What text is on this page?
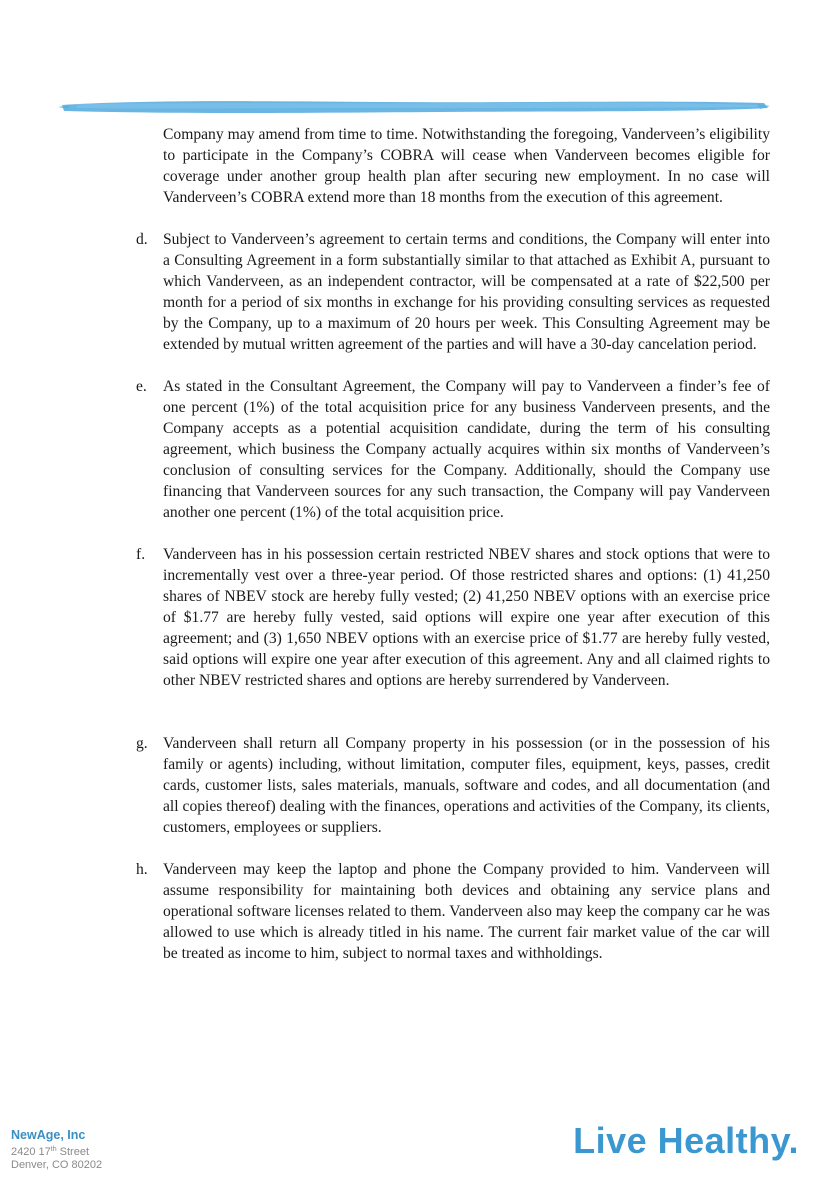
Company may amend from time to time. Notwithstanding the foregoing, Vanderveen’s eligibility to participate in the Company’s COBRA will cease when Vanderveen becomes eligible for coverage under another group health plan after securing new employment. In no case will Vanderveen’s COBRA extend more than 18 months from the execution of this agreement.
d. Subject to Vanderveen’s agreement to certain terms and conditions, the Company will enter into a Consulting Agreement in a form substantially similar to that attached as Exhibit A, pursuant to which Vanderveen, as an independent contractor, will be compensated at a rate of $22,500 per month for a period of six months in exchange for his providing consulting services as requested by the Company, up to a maximum of 20 hours per week. This Consulting Agreement may be extended by mutual written agreement of the parties and will have a 30-day cancelation period.
e.	As stated in the Consultant Agreement, the Company will pay to Vanderveen a finder’s fee of one percent (1%) of the total acquisition price for any business Vanderveen presents, and the Company accepts as a potential acquisition candidate, during the term of his consulting agreement, which business the Company actually acquires within six months of Vanderveen’s conclusion of consulting services for the Company. Additionally, should the Company use financing that Vanderveen sources for any such transaction, the Company will pay Vanderveen another one percent (1%) of the total acquisition price.
f.	Vanderveen has in his possession certain restricted NBEV shares and stock options that were to incrementally vest over a three-year period. Of those restricted shares and options: (1) 41,250 shares of NBEV stock are hereby fully vested; (2) 41,250 NBEV options with an exercise price of $1.77 are hereby fully vested, said options will expire one year after execution of this agreement; and (3) 1,650 NBEV options with an exercise price of $1.77 are hereby fully vested, said options will expire one year after execution of this agreement. Any and all claimed rights to other NBEV restricted shares and options are hereby surrendered by Vanderveen.
g. Vanderveen shall return all Company property in his possession (or in the possession of his family or agents) including, without limitation, computer files, equipment, keys, passes, credit cards, customer lists, sales materials, manuals, software and codes, and all documentation (and all copies thereof) dealing with the finances, operations and activities of the Company, its clients, customers, employees or suppliers.
h. Vanderveen may keep the laptop and phone the Company provided to him. Vanderveen will assume responsibility for maintaining both devices and obtaining any service plans and operational software licenses related to them. Vanderveen also may keep the company car he was allowed to use which is already titled in his name. The current fair market value of the car will be treated as income to him, subject to normal taxes and withholdings.
NewAge, Inc
2420 17th Street
Denver, CO 80202
Live Healthy.
